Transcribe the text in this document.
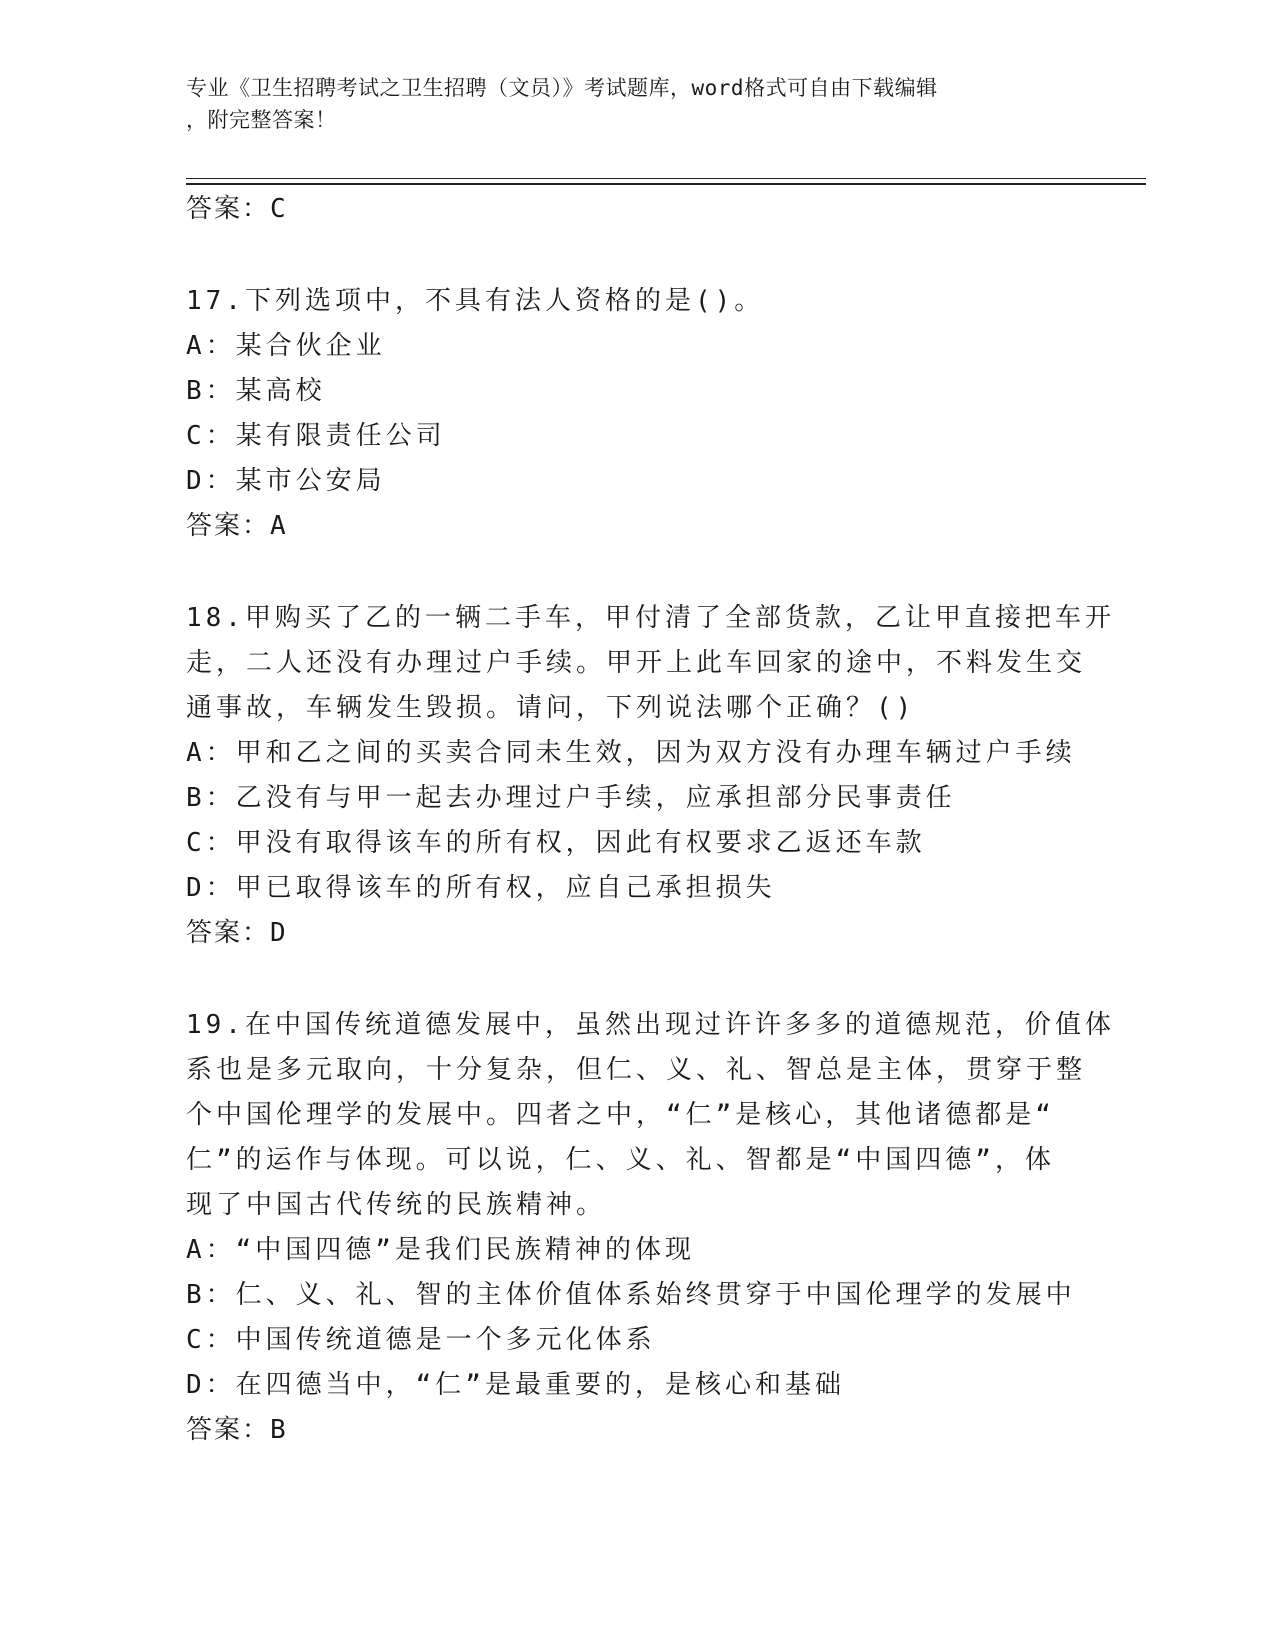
专业《卫生招聘考试之卫生招聘（文员）》考试题库，word格式可自由下载编辑
，附完整答案！
答案：C
17.下列选项中，不具有法人资格的是()。
A：某合伙企业
B：某高校
C：某有限责任公司
D：某市公安局
答案：A
18.甲购买了乙的一辆二手车，甲付清了全部货款，乙让甲直接把车开
走，二人还没有办理过户手续。甲开上此车回家的途中，不料发生交
通事故，车辆发生毁损。请问，下列说法哪个正确？()
A：甲和乙之间的买卖合同未生效，因为双方没有办理车辆过户手续
B：乙没有与甲一起去办理过户手续，应承担部分民事责任
C：甲没有取得该车的所有权，因此有权要求乙返还车款
D：甲已取得该车的所有权，应自己承担损失
答案：D
19.在中国传统道德发展中，虽然出现过许许多多的道德规范，价值体
系也是多元取向，十分复杂，但仁、义、礼、智总是主体，贯穿于整
个中国伦理学的发展中。四者之中，“仁”是核心，其他诸德都是“
仁”的运作与体现。可以说，仁、义、礼、智都是“中国四德”，体
现了中国古代传统的民族精神。
A：“中国四德”是我们民族精神的体现
B：仁、义、礼、智的主体价值体系始终贯穿于中国伦理学的发展中
C：中国传统道德是一个多元化体系
D：在四德当中，“仁”是最重要的，是核心和基础
答案：B
